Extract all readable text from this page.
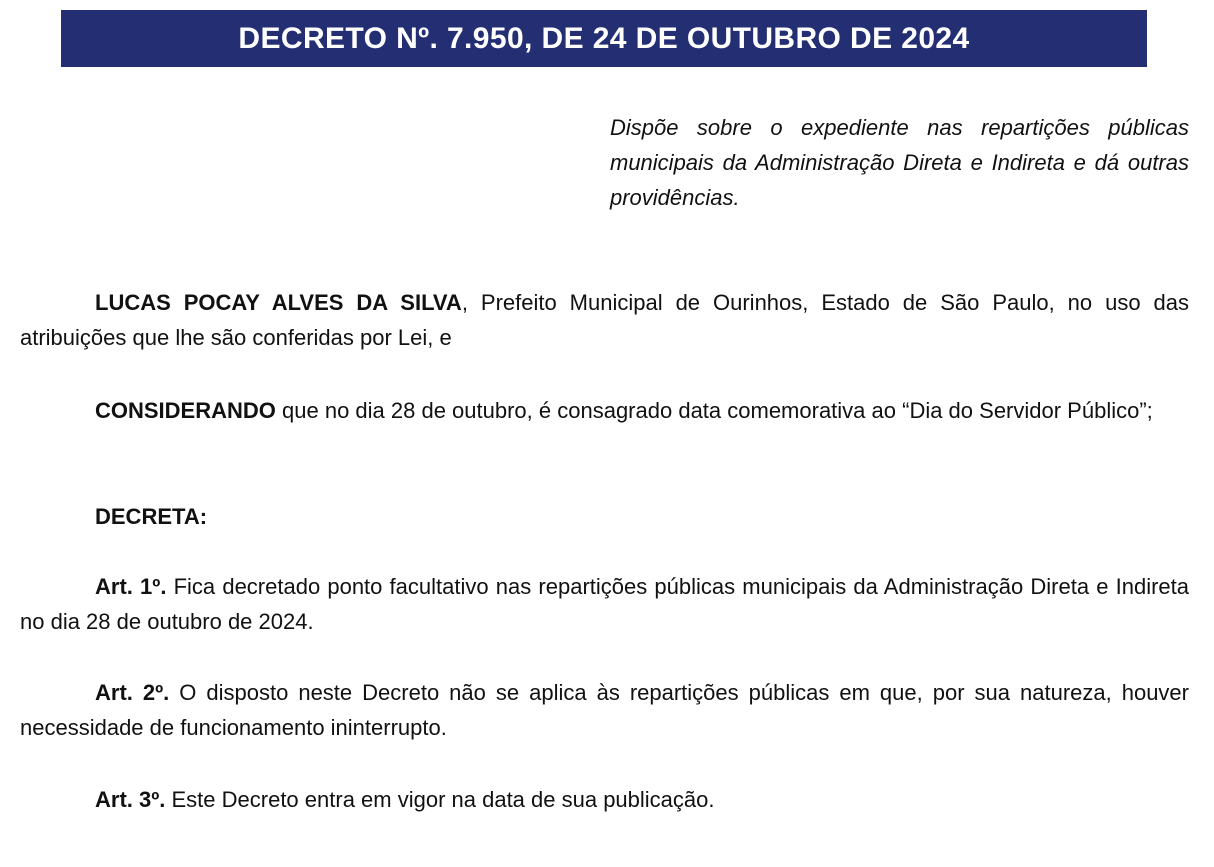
DECRETO Nº. 7.950, DE 24 DE OUTUBRO DE 2024
Dispõe sobre o expediente nas repartições públicas municipais da Administração Direta e Indireta e dá outras providências.

LUCAS POCAY ALVES DA SILVA, Prefeito Municipal de Ourinhos, Estado de São Paulo, no uso das atribuições que lhe são conferidas por Lei, e

CONSIDERANDO que no dia 28 de outubro, é consagrado data comemorativa ao “Dia do Servidor Público”;

DECRETA:

Art. 1º. Fica decretado ponto facultativo nas repartições públicas municipais da Administração Direta e Indireta no dia 28 de outubro de 2024.

Art. 2º. O disposto neste Decreto não se aplica às repartições públicas em que, por sua natureza, houver necessidade de funcionamento ininterrupto.

Art. 3º. Este Decreto entra em vigor na data de sua publicação.
